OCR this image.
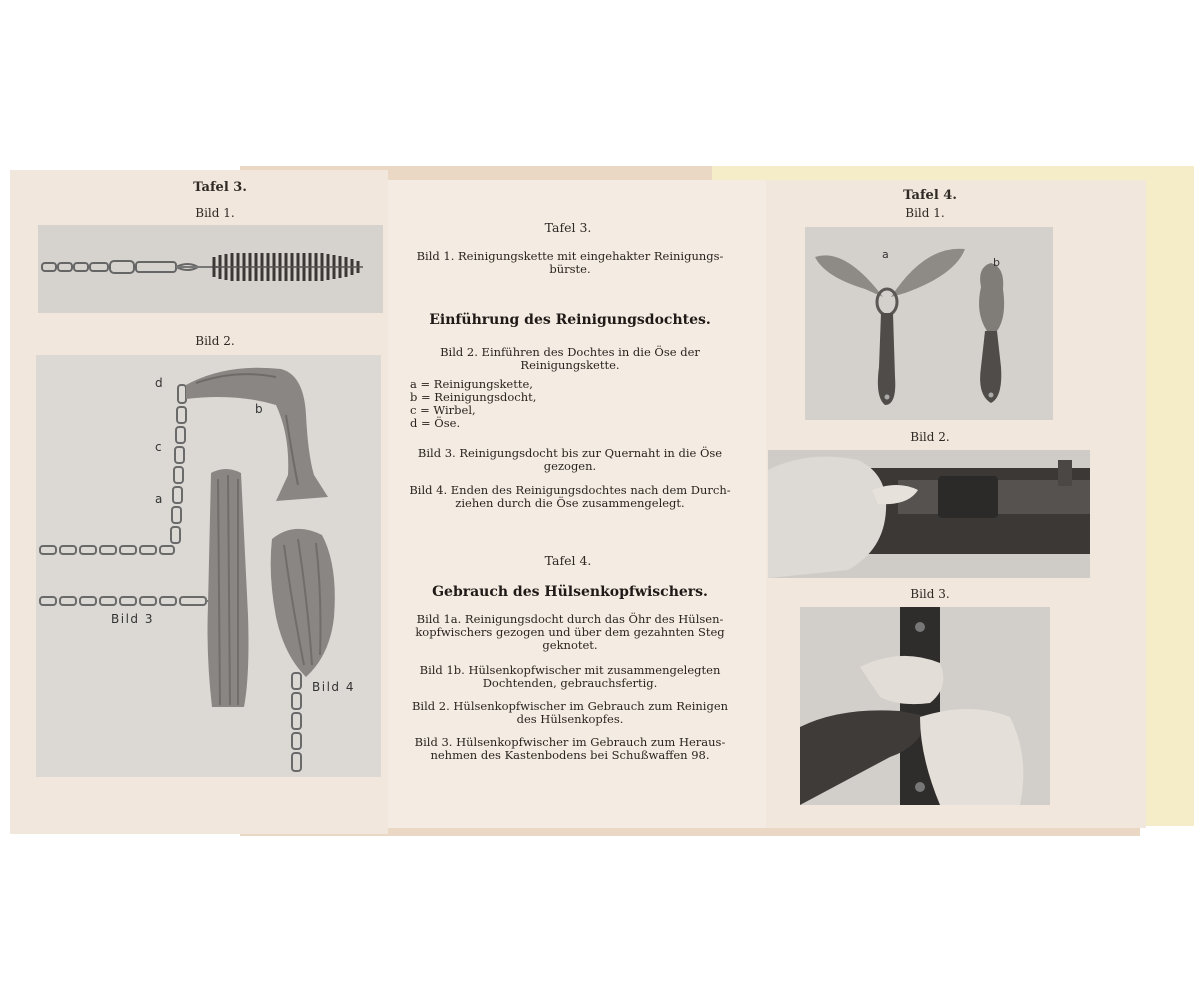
Tafel 3.
Bild 1.
Bild 2.
d
b
c
a
Bild 3
Bild 4
Tafel 3.
Bild 1. Reinigungskette mit eingehakter Reinigungs-
bürste.
Einführung des Reinigungsdochtes.
Bild 2. Einführen des Dochtes in die Öse der
Reinigungskette.
a = Reinigungskette,
b = Reinigungsdocht,
c = Wirbel,
d = Öse.
Bild 3. Reinigungsdocht bis zur Quernaht in die Öse
gezogen.
Bild 4. Enden des Reinigungsdochtes nach dem Durch-
ziehen durch die Öse zusammengelegt.
Tafel 4.
Gebrauch des Hülsenkopfwischers.
Bild 1a. Reinigungsdocht durch das Öhr des Hülsen-
kopfwischers gezogen und über dem gezahnten Steg
geknotet.
Bild 1b. Hülsenkopfwischer mit zusammengelegten
Dochtenden, gebrauchsfertig.
Bild 2. Hülsenkopfwischer im Gebrauch zum Reinigen
des Hülsenkopfes.
Bild 3. Hülsenkopfwischer im Gebrauch zum Heraus-
nehmen des Kastenbodens bei Schußwaffen 98.
Tafel 4.
Bild 1.
a
b
Bild 2.
Bild 3.
